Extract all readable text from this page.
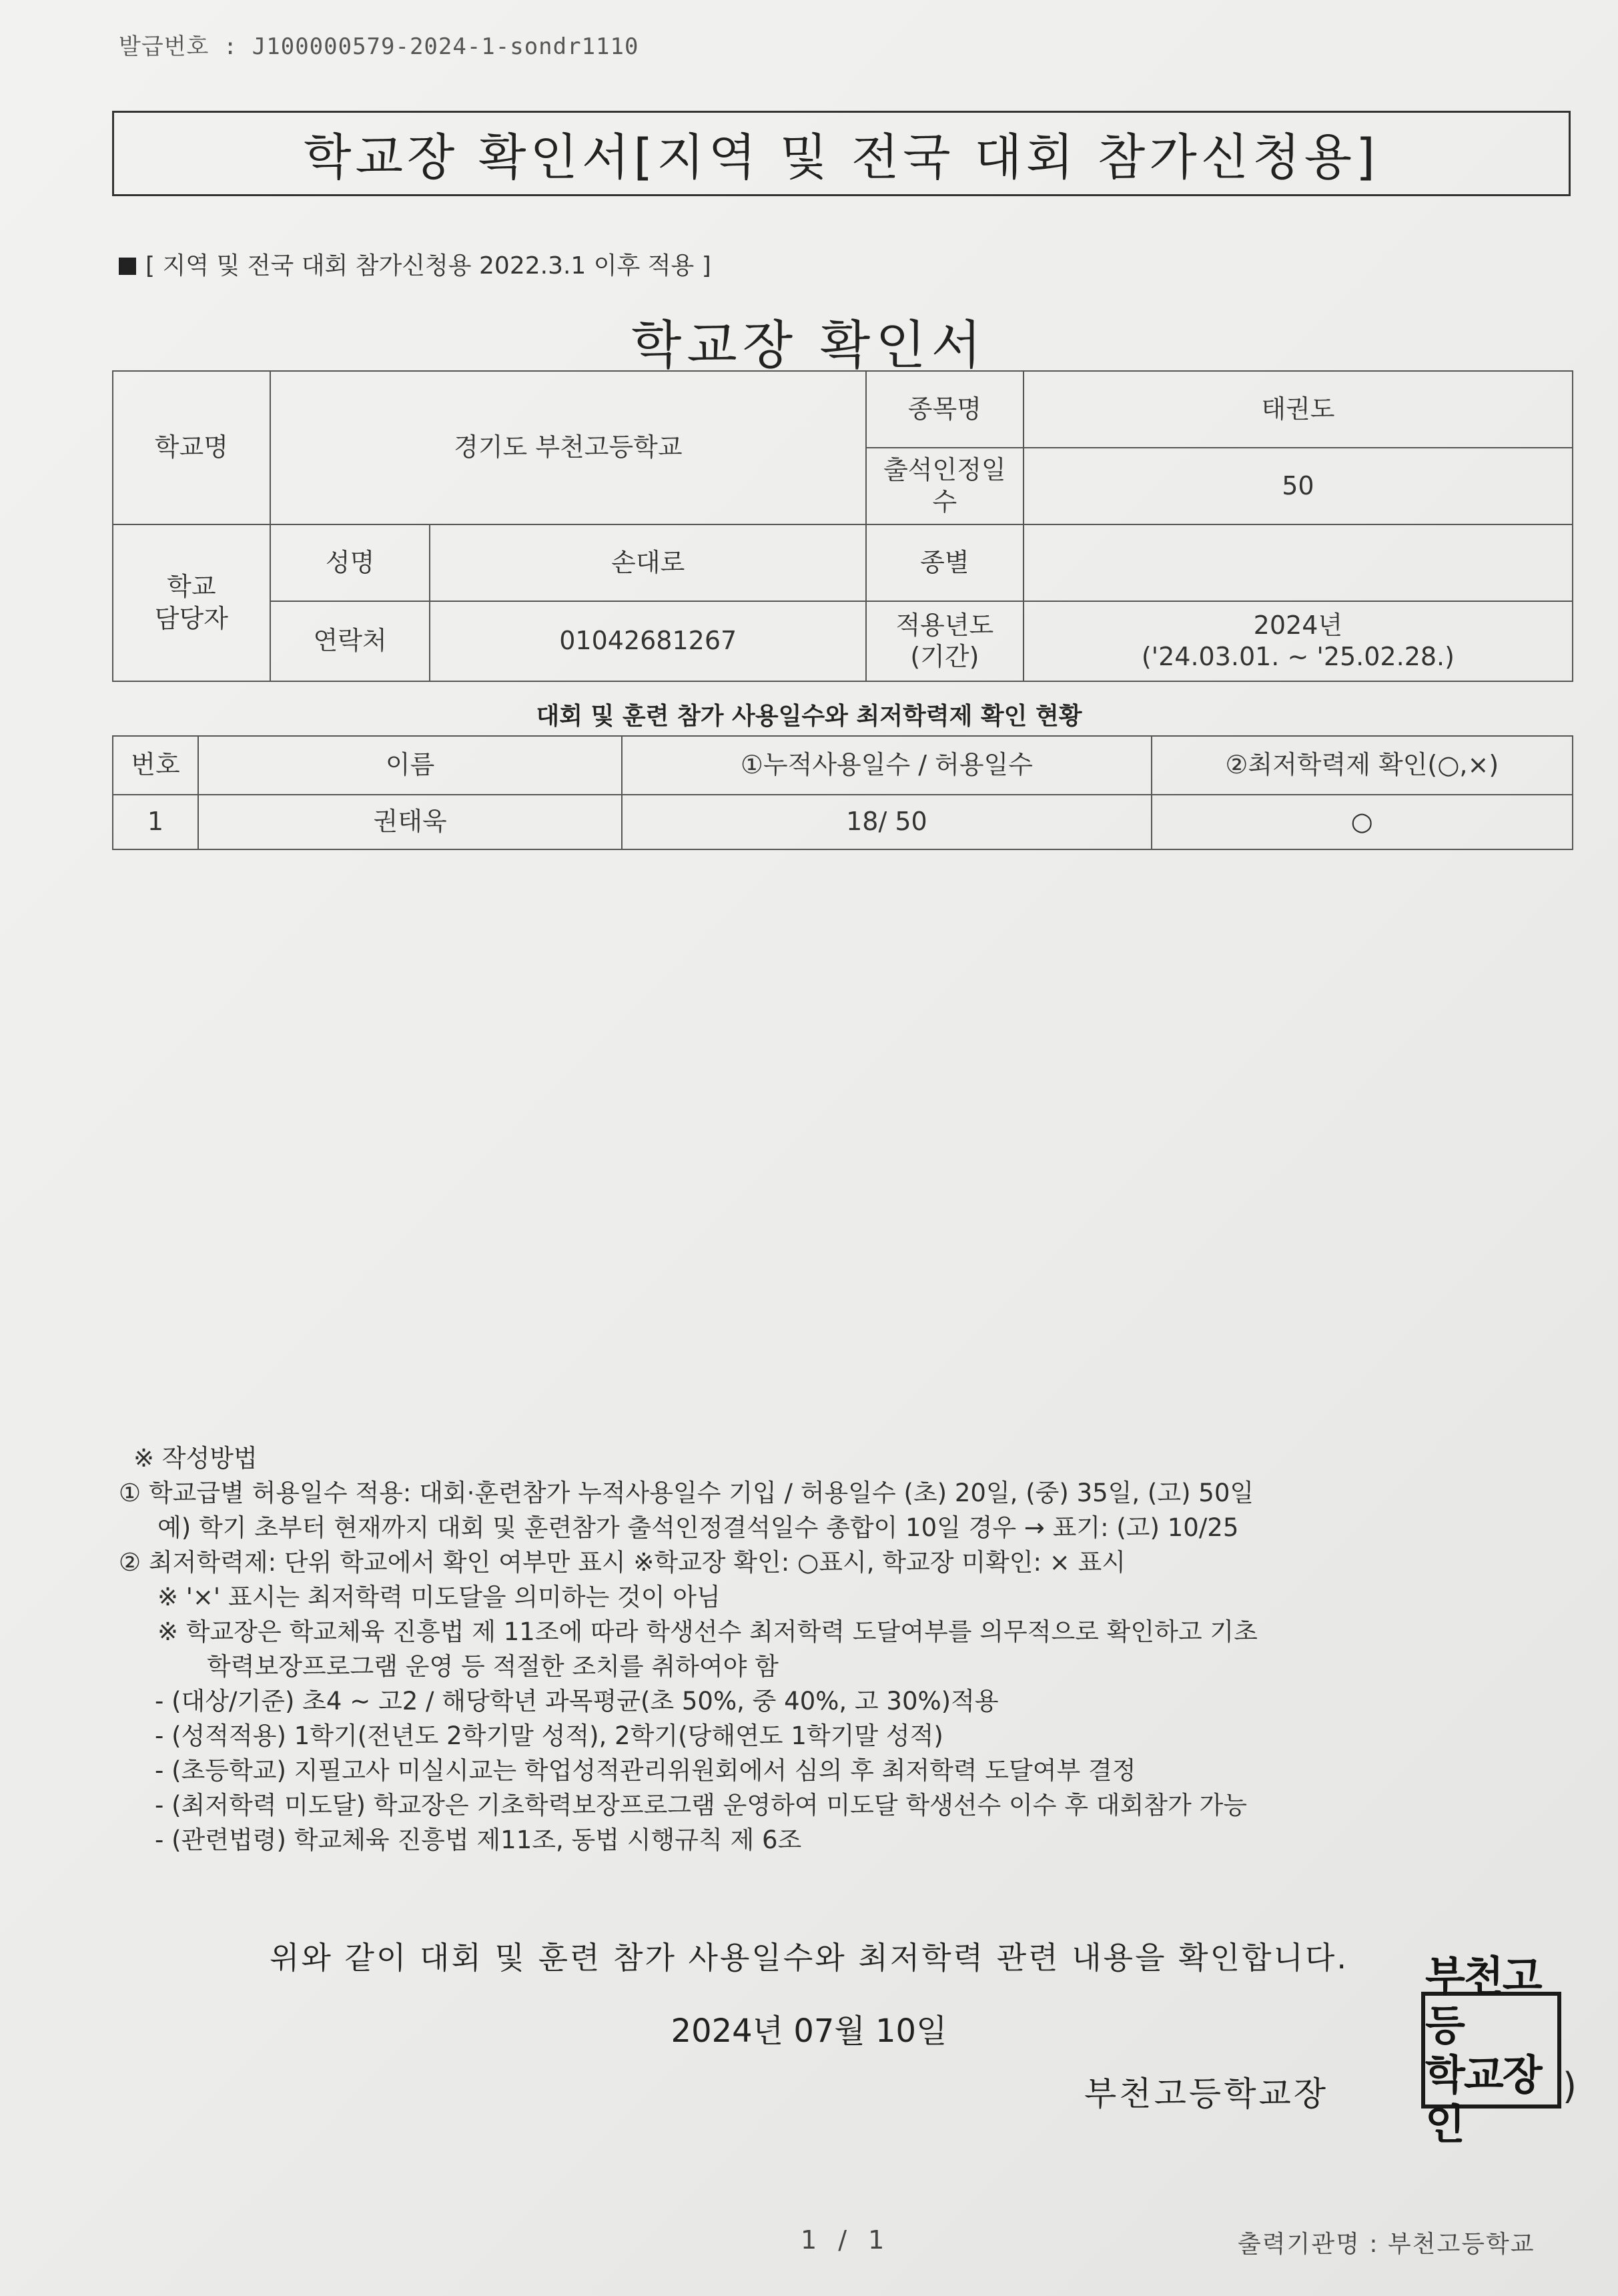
발급번호 : J100000579-2024-1-sondr1110
학교장 확인서[지역 및 전국 대회 참가신청용]
[ 지역 및 전국 대회 참가신청용 2022.3.1 이후 적용 ]
학교장 확인서
학교명	경기도 부천고등학교		종목명	태권도
			출석인정일수	50

학교
담당자	성명	손대로	종별	
	연락처	01042681267	적용년도(기간)	2024년
('24.03.01. ~ '25.02.28.)
대회 및 훈련 참가 사용일수와 최저학력제 확인 현황
번호	이름	①누적사용일수 / 허용일수	②최저학력제 확인(○,×)
1	권태욱	18/ 50	○
※ 작성방법
① 학교급별 허용일수 적용: 대회·훈련참가 누적사용일수 기입 / 허용일수 (초) 20일, (중) 35일, (고) 50일
예) 학기 초부터 현재까지 대회 및 훈련참가 출석인정결석일수 총합이 10일 경우 → 표기: (고) 10/25
② 최저학력제: 단위 학교에서 확인 여부만 표시 ※학교장 확인: ○표시, 학교장 미확인: × 표시
※ '×' 표시는 최저학력 미도달을 의미하는 것이 아님
※ 학교장은 학교체육 진흥법 제 11조에 따라 학생선수 최저학력 도달여부를 의무적으로 확인하고 기초
학력보장프로그램 운영 등 적절한 조치를 취하여야 함
- (대상/기준) 초4 ~ 고2 / 해당학년 과목평균(초 50%, 중 40%, 고 30%)적용
- (성적적용) 1학기(전년도 2학기말 성적), 2학기(당해연도 1학기말 성적)
- (초등학교) 지필고사 미실시교는 학업성적관리위원회에서 심의 후 최저학력 도달여부 결정
- (최저학력 미도달) 학교장은 기초학력보장프로그램 운영하여 미도달 학생선수 이수 후 대회참가 가능
- (관련법령) 학교체육 진흥법 제11조, 동법 시행규칙 제 6조
위와 같이 대회 및 훈련 참가 사용일수와 최저학력 관련 내용을 확인합니다.
2024년 07월 10일
부천고등학교장
부천고등
학교장인
)
1 / 1	출력기관명 : 부천고등학교
